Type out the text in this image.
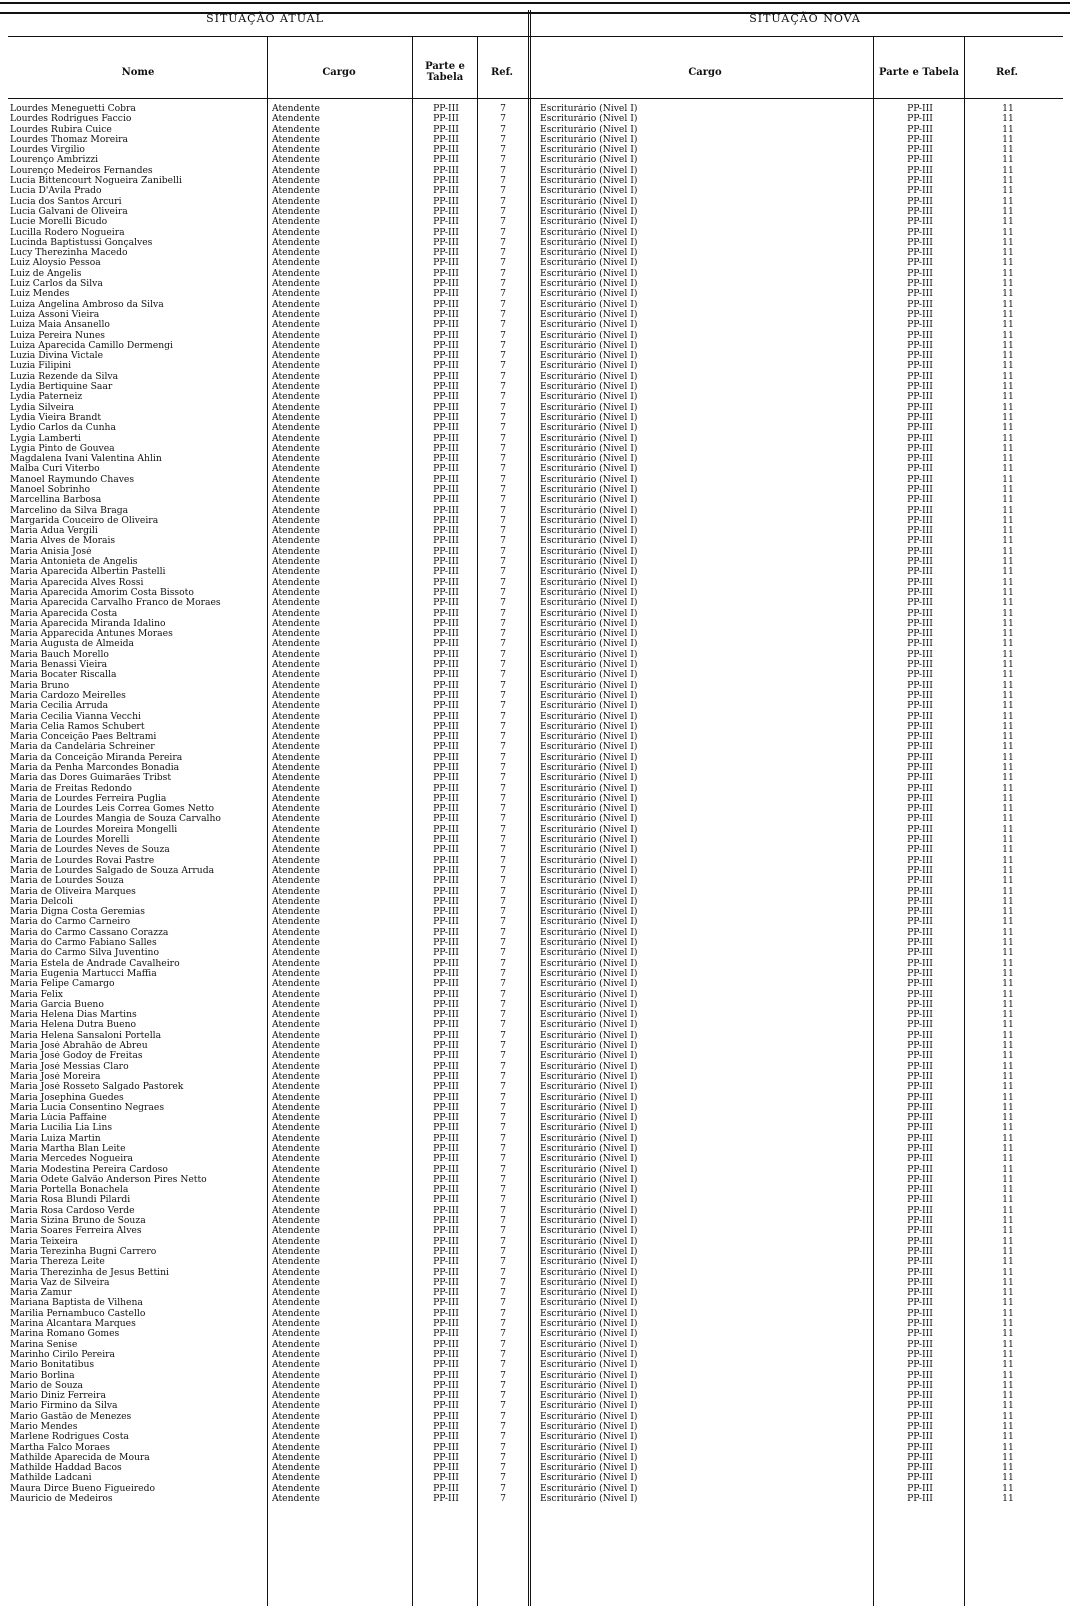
SITUAÇÃO ATUAL	SITUAÇÃO NOVA
Nome	Cargo	Parte e Tabela	Ref.	Cargo	Parte e Tabela	Ref.
Lourdes Meneguetti Cobra	Atendente	PP-III	7	Escriturário (Nível I)	PP-III	11
Lourdes Rodrigues Faccio	Atendente	PP-III	7	Escriturário (Nível I)	PP-III	11
Lourdes Rubira Cuice	Atendente	PP-III	7	Escriturário (Nível I)	PP-III	11
Lourdes Thomaz Moreira	Atendente	PP-III	7	Escriturário (Nível I)	PP-III	11
Lourdes Virgilio	Atendente	PP-III	7	Escriturário (Nível I)	PP-III	11
Lourenço Ambrizzi	Atendente	PP-III	7	Escriturário (Nível I)	PP-III	11
Lourenço Medeiros Fernandes	Atendente	PP-III	7	Escriturário (Nível I)	PP-III	11
Lucia Bittencourt Nogueira Zanibelli	Atendente	PP-III	7	Escriturário (Nível I)	PP-III	11
Lucia D'Avila Prado	Atendente	PP-III	7	Escriturário (Nível I)	PP-III	11
Lucia dos Santos Arcuri	Atendente	PP-III	7	Escriturário (Nível I)	PP-III	11
Lucia Galvani de Oliveira	Atendente	PP-III	7	Escriturário (Nível I)	PP-III	11
Lucie Morelli Bicudo	Atendente	PP-III	7	Escriturário (Nível I)	PP-III	11
Lucilla Rodero Nogueira	Atendente	PP-III	7	Escriturário (Nível I)	PP-III	11
Lucinda Baptistussi Gonçalves	Atendente	PP-III	7	Escriturário (Nível I)	PP-III	11
Lucy Therezinha Macedo	Atendente	PP-III	7	Escriturário (Nível I)	PP-III	11
Luiz Aloysio Pessoa	Atendente	PP-III	7	Escriturário (Nível I)	PP-III	11
Luiz de Angelis	Atendente	PP-III	7	Escriturário (Nível I)	PP-III	11
Luiz Carlos da Silva	Atendente	PP-III	7	Escriturário (Nível I)	PP-III	11
Luiz Mendes	Atendente	PP-III	7	Escriturário (Nível I)	PP-III	11
Luiza Angelina Ambroso da Silva	Atendente	PP-III	7	Escriturário (Nível I)	PP-III	11
Luiza Assoni Vieira	Atendente	PP-III	7	Escriturário (Nível I)	PP-III	11
Luiza Maia Ansanello	Atendente	PP-III	7	Escriturário (Nível I)	PP-III	11
Luiza Pereira Nunes	Atendente	PP-III	7	Escriturário (Nível I)	PP-III	11
Luiza Aparecida Camillo Dermengi	Atendente	PP-III	7	Escriturário (Nível I)	PP-III	11
Luzia Divina Victale	Atendente	PP-III	7	Escriturário (Nível I)	PP-III	11
Luzia Filipini	Atendente	PP-III	7	Escriturário (Nível I)	PP-III	11
Luzia Rezende da Silva	Atendente	PP-III	7	Escriturário (Nível I)	PP-III	11
Lydia Bertiquine Saar	Atendente	PP-III	7	Escriturário (Nível I)	PP-III	11
Lydia Paterneiz	Atendente	PP-III	7	Escriturário (Nível I)	PP-III	11
Lydia Silveira	Atendente	PP-III	7	Escriturário (Nível I)	PP-III	11
Lydia Vieira Brandt	Atendente	PP-III	7	Escriturário (Nível I)	PP-III	11
Lydio Carlos da Cunha	Atendente	PP-III	7	Escriturário (Nível I)	PP-III	11
Lygia Lamberti	Atendente	PP-III	7	Escriturário (Nível I)	PP-III	11
Lygia Pinto de Gouvea	Atendente	PP-III	7	Escriturário (Nível I)	PP-III	11
Magdalena Ivani Valentina Ahlin	Atendente	PP-III	7	Escriturário (Nível I)	PP-III	11
Malba Curi Viterbo	Atendente	PP-III	7	Escriturário (Nível I)	PP-III	11
Manoel Raymundo Chaves	Atendente	PP-III	7	Escriturário (Nível I)	PP-III	11
Manoel Sobrinho	Atendente	PP-III	7	Escriturário (Nível I)	PP-III	11
Marcellina Barbosa	Atendente	PP-III	7	Escriturário (Nível I)	PP-III	11
Marcelino da Silva Braga	Atendente	PP-III	7	Escriturário (Nível I)	PP-III	11
Margarida Couceiro de Oliveira	Atendente	PP-III	7	Escriturário (Nível I)	PP-III	11
Maria Adua Vergili	Atendente	PP-III	7	Escriturário (Nível I)	PP-III	11
Maria Alves de Morais	Atendente	PP-III	7	Escriturário (Nível I)	PP-III	11
Maria Anisia José	Atendente	PP-III	7	Escriturário (Nível I)	PP-III	11
Maria Antonieta de Angelis	Atendente	PP-III	7	Escriturário (Nível I)	PP-III	11
Maria Aparecida Albertin Pastelli	Atendente	PP-III	7	Escriturário (Nível I)	PP-III	11
Maria Aparecida Alves Rossi	Atendente	PP-III	7	Escriturário (Nível I)	PP-III	11
Maria Aparecida Amorim Costa Bissoto	Atendente	PP-III	7	Escriturário (Nível I)	PP-III	11
Maria Aparecida Carvalho Franco de Moraes	Atendente	PP-III	7	Escriturário (Nível I)	PP-III	11
Maria Aparecida Costa	Atendente	PP-III	7	Escriturário (Nível I)	PP-III	11
Maria Aparecida Miranda Idalino	Atendente	PP-III	7	Escriturário (Nível I)	PP-III	11
Maria Apparecida Antunes Moraes	Atendente	PP-III	7	Escriturário (Nível I)	PP-III	11
Maria Augusta de Almeida	Atendente	PP-III	7	Escriturário (Nível I)	PP-III	11
Maria Bauch Morello	Atendente	PP-III	7	Escriturário (Nível I)	PP-III	11
Maria Benassi Vieira	Atendente	PP-III	7	Escriturário (Nível I)	PP-III	11
Maria Bocater Riscalla	Atendente	PP-III	7	Escriturário (Nível I)	PP-III	11
Maria Bruno	Atendente	PP-III	7	Escriturário (Nível I)	PP-III	11
Maria Cardozo Meirelles	Atendente	PP-III	7	Escriturário (Nível I)	PP-III	11
Maria Cecilia Arruda	Atendente	PP-III	7	Escriturário (Nível I)	PP-III	11
Maria Cecilia Vianna Vecchi	Atendente	PP-III	7	Escriturário (Nível I)	PP-III	11
Maria Celia Ramos Schubert	Atendente	PP-III	7	Escriturário (Nível I)	PP-III	11
Maria Conceição Paes Beltrami	Atendente	PP-III	7	Escriturário (Nível I)	PP-III	11
Maria da Candelária Schreiner	Atendente	PP-III	7	Escriturário (Nível I)	PP-III	11
Maria da Conceição Miranda Pereira	Atendente	PP-III	7	Escriturário (Nível I)	PP-III	11
Maria da Penha Marcondes Bonadia	Atendente	PP-III	7	Escriturário (Nível I)	PP-III	11
Maria das Dores Guimarães Tribst	Atendente	PP-III	7	Escriturário (Nível I)	PP-III	11
Maria de Freitas Redondo	Atendente	PP-III	7	Escriturário (Nível I)	PP-III	11
Maria de Lourdes Ferreira Puglia	Atendente	PP-III	7	Escriturário (Nível I)	PP-III	11
Maria de Lourdes Leis Correa Gomes Netto	Atendente	PP-III	7	Escriturário (Nível I)	PP-III	11
Maria de Lourdes Mangia de Souza Carvalho	Atendente	PP-III	7	Escriturário (Nível I)	PP-III	11
Maria de Lourdes Moreira Mongelli	Atendente	PP-III	7	Escriturário (Nível I)	PP-III	11
Maria de Lourdes Morelli	Atendente	PP-III	7	Escriturário (Nível I)	PP-III	11
Maria de Lourdes Neves de Souza	Atendente	PP-III	7	Escriturário (Nível I)	PP-III	11
Maria de Lourdes Rovai Pastre	Atendente	PP-III	7	Escriturário (Nível I)	PP-III	11
Maria de Lourdes Salgado de Souza Arruda	Atendente	PP-III	7	Escriturário (Nível I)	PP-III	11
Maria de Lourdes Souza	Atendente	PP-III	7	Escriturário (Nível I)	PP-III	11
Maria de Oliveira Marques	Atendente	PP-III	7	Escriturário (Nível I)	PP-III	11
Maria Delcoli	Atendente	PP-III	7	Escriturário (Nível I)	PP-III	11
Maria Digna Costa Geremias	Atendente	PP-III	7	Escriturário (Nível I)	PP-III	11
Maria do Carmo Carneiro	Atendente	PP-III	7	Escriturário (Nível I)	PP-III	11
Maria do Carmo Cassano Corazza	Atendente	PP-III	7	Escriturário (Nível I)	PP-III	11
Maria do Carmo Fabiano Salles	Atendente	PP-III	7	Escriturário (Nível I)	PP-III	11
Maria do Carmo Silva Juventino	Atendente	PP-III	7	Escriturário (Nível I)	PP-III	11
Maria Estela de Andrade Cavalheiro	Atendente	PP-III	7	Escriturário (Nível I)	PP-III	11
Maria Eugenia Martucci Maffia	Atendente	PP-III	7	Escriturário (Nível I)	PP-III	11
Maria Felipe Camargo	Atendente	PP-III	7	Escriturário (Nível I)	PP-III	11
Maria Felix	Atendente	PP-III	7	Escriturário (Nível I)	PP-III	11
Maria Garcia Bueno	Atendente	PP-III	7	Escriturário (Nível I)	PP-III	11
Maria Helena Dias Martins	Atendente	PP-III	7	Escriturário (Nível I)	PP-III	11
Maria Helena Dutra Bueno	Atendente	PP-III	7	Escriturário (Nível I)	PP-III	11
Maria Helena Sansaloni Portella	Atendente	PP-III	7	Escriturário (Nível I)	PP-III	11
Maria José Abrahão de Abreu	Atendente	PP-III	7	Escriturário (Nível I)	PP-III	11
Maria José Godoy de Freitas	Atendente	PP-III	7	Escriturário (Nível I)	PP-III	11
Maria José Messias Claro	Atendente	PP-III	7	Escriturário (Nível I)	PP-III	11
Maria José Moreira	Atendente	PP-III	7	Escriturário (Nível I)	PP-III	11
Maria José Rosseto Salgado Pastorek	Atendente	PP-III	7	Escriturário (Nível I)	PP-III	11
Maria Josephina Guedes	Atendente	PP-III	7	Escriturário (Nível I)	PP-III	11
Maria Lucia Consentino Negraes	Atendente	PP-III	7	Escriturário (Nível I)	PP-III	11
Maria Lúcia Paffaine	Atendente	PP-III	7	Escriturário (Nível I)	PP-III	11
Maria Lucilia Lia Lins	Atendente	PP-III	7	Escriturário (Nível I)	PP-III	11
Maria Luiza Martin	Atendente	PP-III	7	Escriturário (Nível I)	PP-III	11
Maria Martha Blan Leite	Atendente	PP-III	7	Escriturário (Nível I)	PP-III	11
Maria Mercedes Nogueira	Atendente	PP-III	7	Escriturário (Nível I)	PP-III	11
Maria Modestina Pereira Cardoso	Atendente	PP-III	7	Escriturário (Nível I)	PP-III	11
Maria Odete Galvão Anderson Pires Netto	Atendente	PP-III	7	Escriturário (Nível I)	PP-III	11
Maria Portella Bonachela	Atendente	PP-III	7	Escriturário (Nível I)	PP-III	11
Maria Rosa Blundi Pilardi	Atendente	PP-III	7	Escriturário (Nível I)	PP-III	11
Maria Rosa Cardoso Verde	Atendente	PP-III	7	Escriturário (Nível I)	PP-III	11
Maria Sizina Bruno de Souza	Atendente	PP-III	7	Escriturário (Nível I)	PP-III	11
Maria Soares Ferreira Alves	Atendente	PP-III	7	Escriturário (Nível I)	PP-III	11
Maria Teixeira	Atendente	PP-III	7	Escriturário (Nível I)	PP-III	11
Maria Terezinha Bugni Carrero	Atendente	PP-III	7	Escriturário (Nível I)	PP-III	11
Maria Thereza Leite	Atendente	PP-III	7	Escriturário (Nível I)	PP-III	11
Maria Therezinha de Jesus Bettini	Atendente	PP-III	7	Escriturário (Nível I)	PP-III	11
Maria Vaz de Silveira	Atendente	PP-III	7	Escriturário (Nível I)	PP-III	11
Maria Zamur	Atendente	PP-III	7	Escriturário (Nível I)	PP-III	11
Mariana Baptista de Vilhena	Atendente	PP-III	7	Escriturário (Nível I)	PP-III	11
Marilia Pernambuco Castello	Atendente	PP-III	7	Escriturário (Nível I)	PP-III	11
Marina Alcantara Marques	Atendente	PP-III	7	Escriturário (Nível I)	PP-III	11
Marina Romano Gomes	Atendente	PP-III	7	Escriturário (Nível I)	PP-III	11
Marina Senise	Atendente	PP-III	7	Escriturário (Nível I)	PP-III	11
Marinho Cirilo Pereira	Atendente	PP-III	7	Escriturário (Nível I)	PP-III	11
Mario Bonitatibus	Atendente	PP-III	7	Escriturário (Nível I)	PP-III	11
Mario Borlina	Atendente	PP-III	7	Escriturário (Nível I)	PP-III	11
Mario de Souza	Atendente	PP-III	7	Escriturário (Nível I)	PP-III	11
Mario Diniz Ferreira	Atendente	PP-III	7	Escriturário (Nível I)	PP-III	11
Mario Firmino da Silva	Atendente	PP-III	7	Escriturário (Nível I)	PP-III	11
Mario Gastão de Menezes	Atendente	PP-III	7	Escriturário (Nível I)	PP-III	11
Mario Mendes	Atendente	PP-III	7	Escriturário (Nível I)	PP-III	11
Marlene Rodrigues Costa	Atendente	PP-III	7	Escriturário (Nível I)	PP-III	11
Martha Falco Moraes	Atendente	PP-III	7	Escriturário (Nível I)	PP-III	11
Mathilde Aparecida de Moura	Atendente	PP-III	7	Escriturário (Nível I)	PP-III	11
Mathilde Haddad Bacos	Atendente	PP-III	7	Escriturário (Nível I)	PP-III	11
Mathilde Ladcani	Atendente	PP-III	7	Escriturário (Nível I)	PP-III	11
Maura Dirce Bueno Figueiredo	Atendente	PP-III	7	Escriturário (Nível I)	PP-III	11
Mauricio de Medeiros	Atendente	PP-III	7	Escriturário (Nível I)	PP-III	11
